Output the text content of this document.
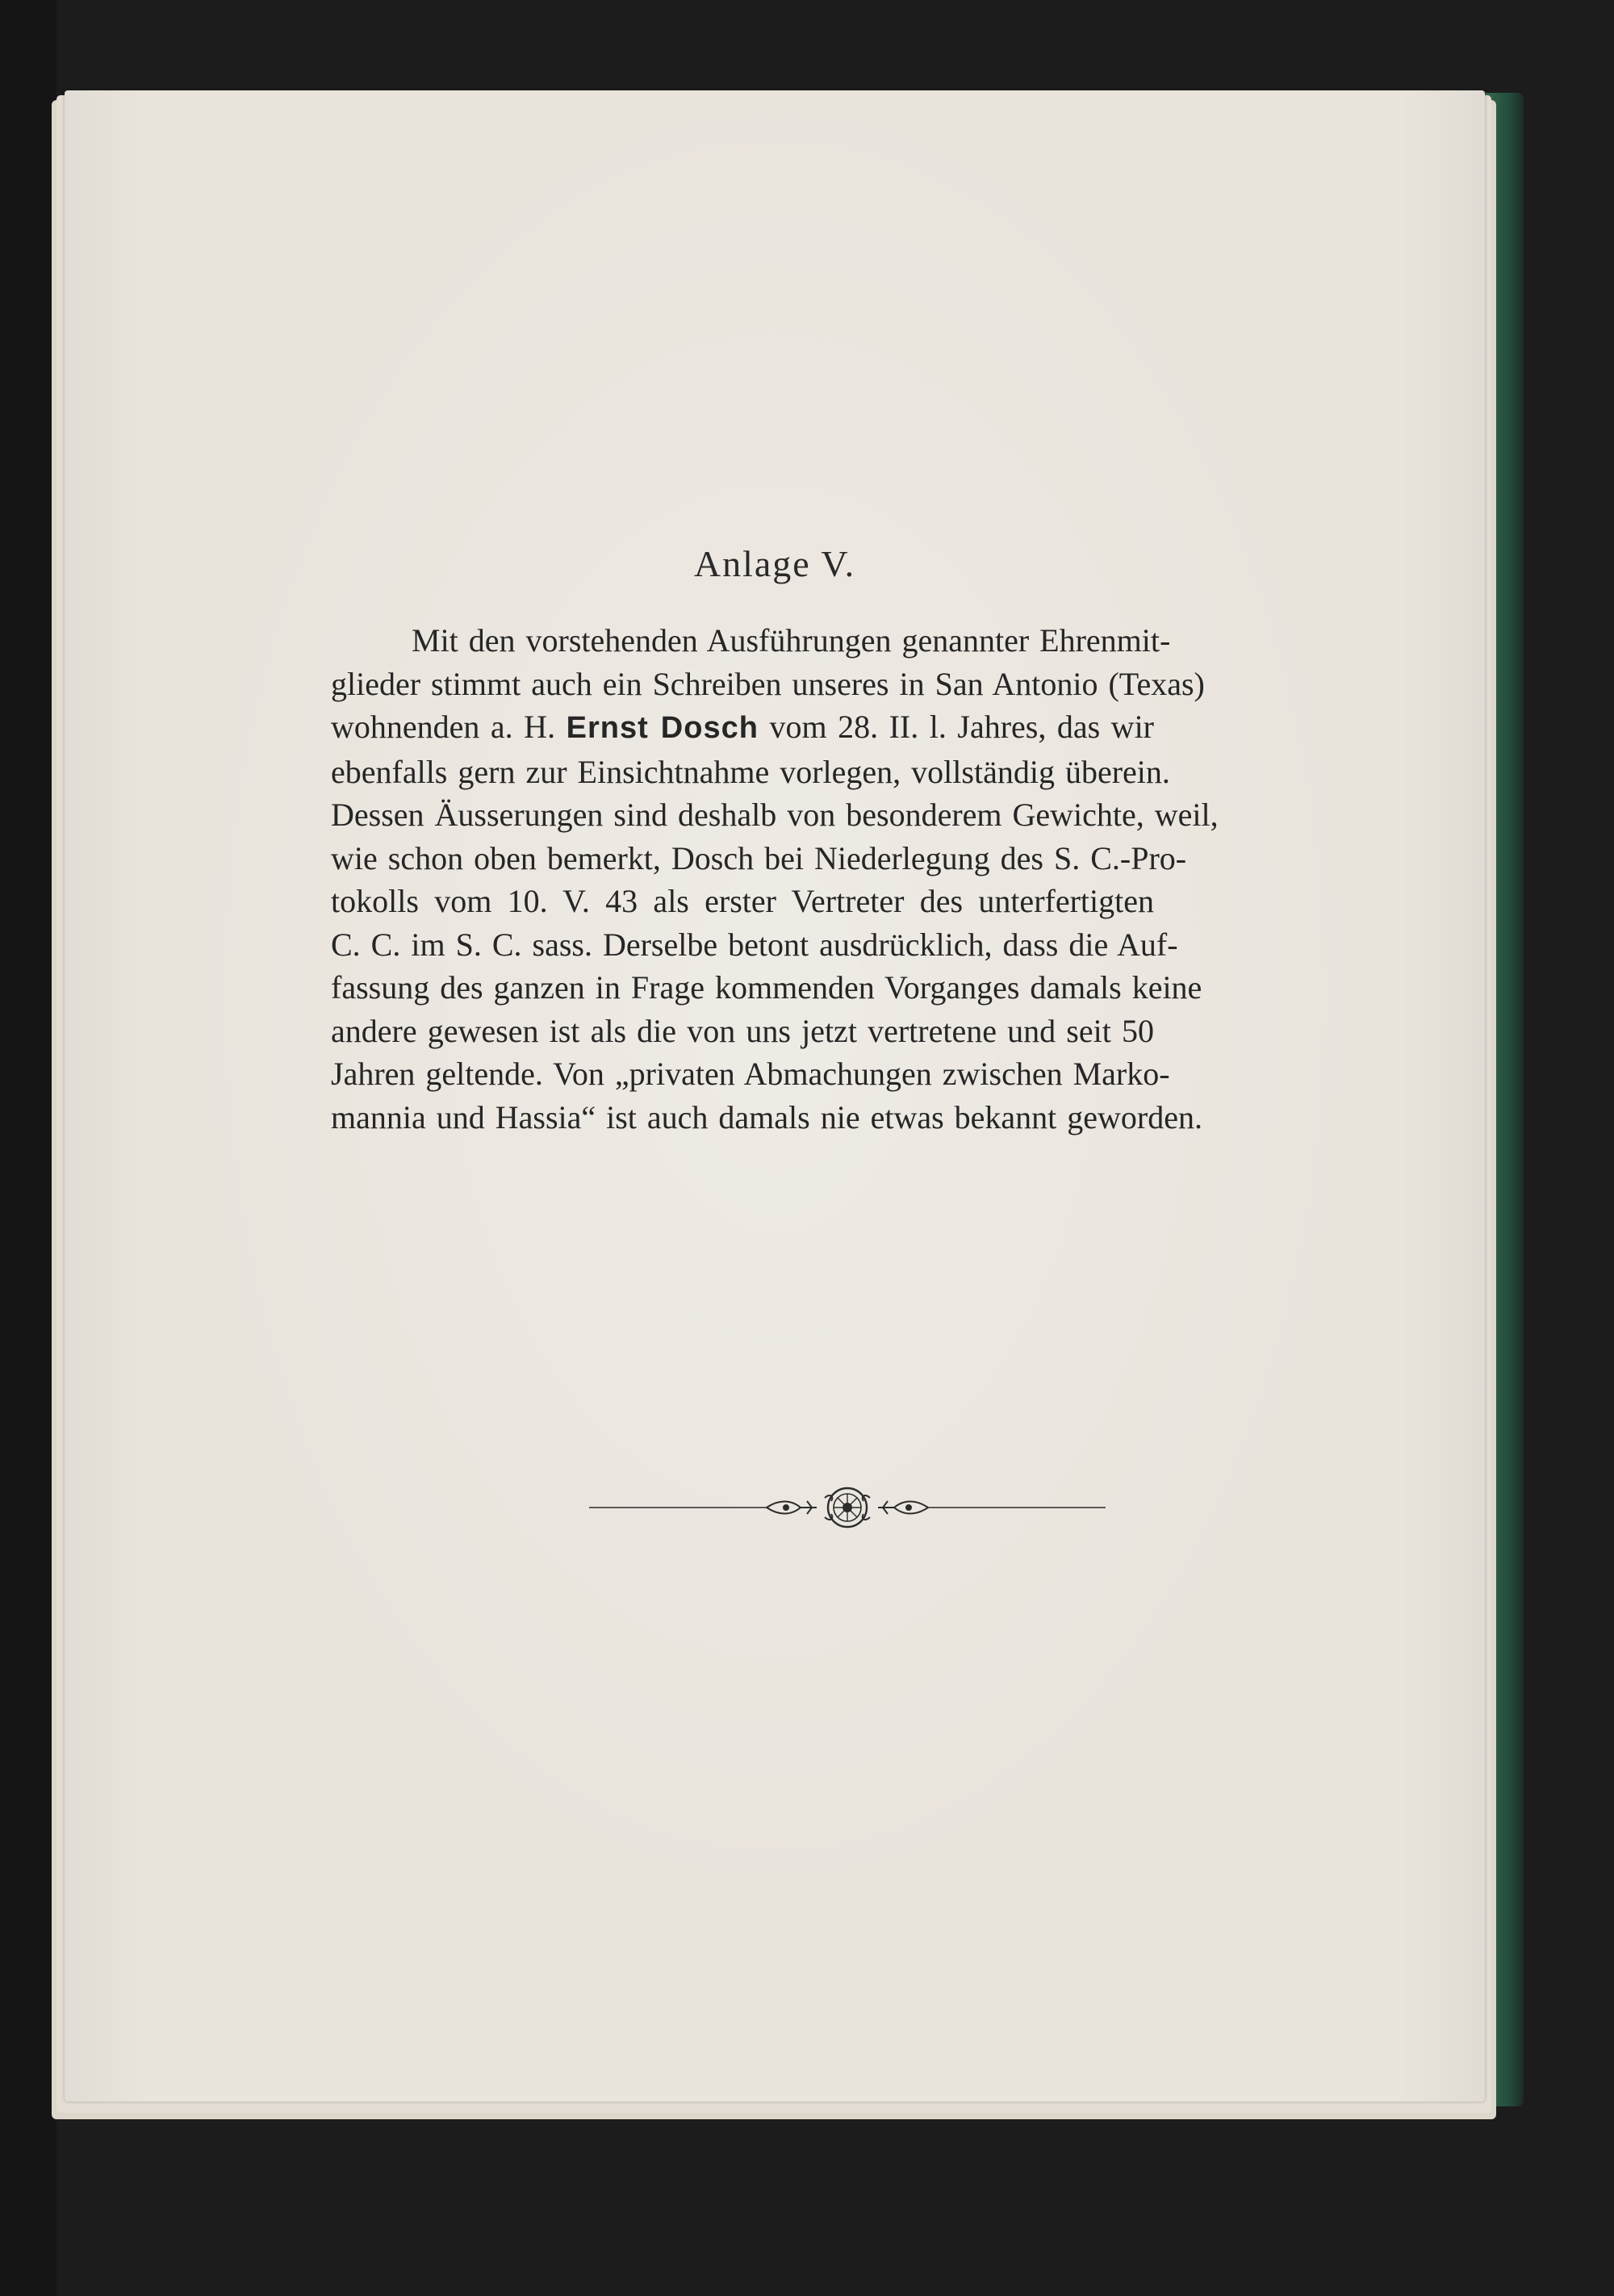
Anlage V.
Mit den vorstehenden Ausführungen genannter Ehrenmit-
glieder stimmt auch ein Schreiben unseres in San Antonio (Texas)
wohnenden a. H. Ernst Dosch vom 28. II. l. Jahres, das wir
ebenfalls gern zur Einsichtnahme vorlegen, vollständig überein.
Dessen Äusserungen sind deshalb von besonderem Gewichte, weil,
wie schon oben bemerkt, Dosch bei Niederlegung des S. C.-Pro-
tokolls vom 10. V. 43 als erster Vertreter des unterfertigten
C. C. im S. C. sass. Derselbe betont ausdrücklich, dass die Auf-
fassung des ganzen in Frage kommenden Vorganges damals keine
andere gewesen ist als die von uns jetzt vertretene und seit 50
Jahren geltende. Von „privaten Abmachungen zwischen Marko-
mannia und Hassia“ ist auch damals nie etwas bekannt geworden.
